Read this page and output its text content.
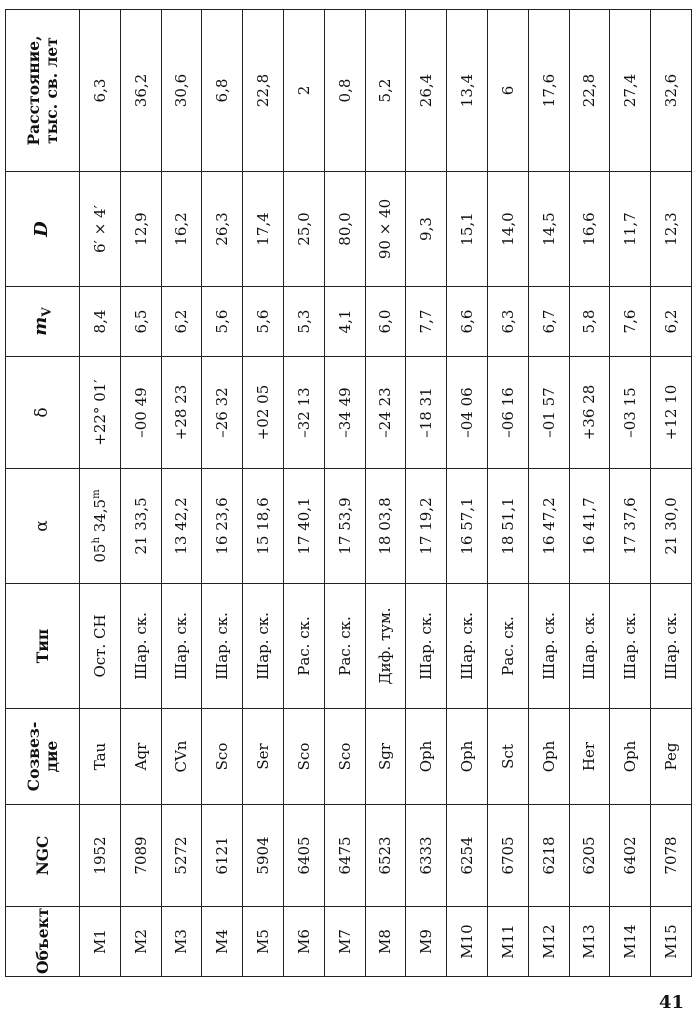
Объект	NGC	Созвез-
дие	Тип	α	δ	$m_V$	D	Расстояние,
тыс. св. лет
M1	1952	Tau	Ост. СН	05$^h$ $34,5^m$	+22° 01′	8,4	6′ × 4′	6,3
M2	7089	Aqr	Шар. ск.	21 33,5	–00 49	6,5	12,9	36,2
M3	5272	CVn	Шар. ск.	13 42,2	+28 23	6,2	16,2	30,6
M4	6121	Sco	Шар. ск.	16 23,6	–26 32	5,6	26,3	6,8
M5	5904	Ser	Шар. ск.	15 18,6	+02 05	5,6	17,4	22,8
M6	6405	Sco	Рас. ск.	17 40,1	–32 13	5,3	25,0	2
M7	6475	Sco	Рас. ск.	17 53,9	–34 49	4,1	80,0	0,8
M8	6523	Sgr	Диф. тум.	18 03,8	–24 23	6,0	90 × 40	5,2
M9	6333	Oph	Шар. ск.	17 19,2	–18 31	7,7	9,3	26,4
M10	6254	Oph	Шар. ск.	16 57,1	–04 06	6,6	15,1	13,4
M11	6705	Sct	Рас. ск.	18 51,1	–06 16	6,3	14,0	6
M12	6218	Oph	Шар. ск.	16 47,2	–01 57	6,7	14,5	17,6
M13	6205	Her	Шар. ск.	16 41,7	+36 28	5,8	16,6	22,8
M14	6402	Oph	Шар. ск.	17 37,6	–03 15	7,6	11,7	27,4
M15	7078	Peg	Шар. ск.	21 30,0	+12 10	6,2	12,3	32,6
41
